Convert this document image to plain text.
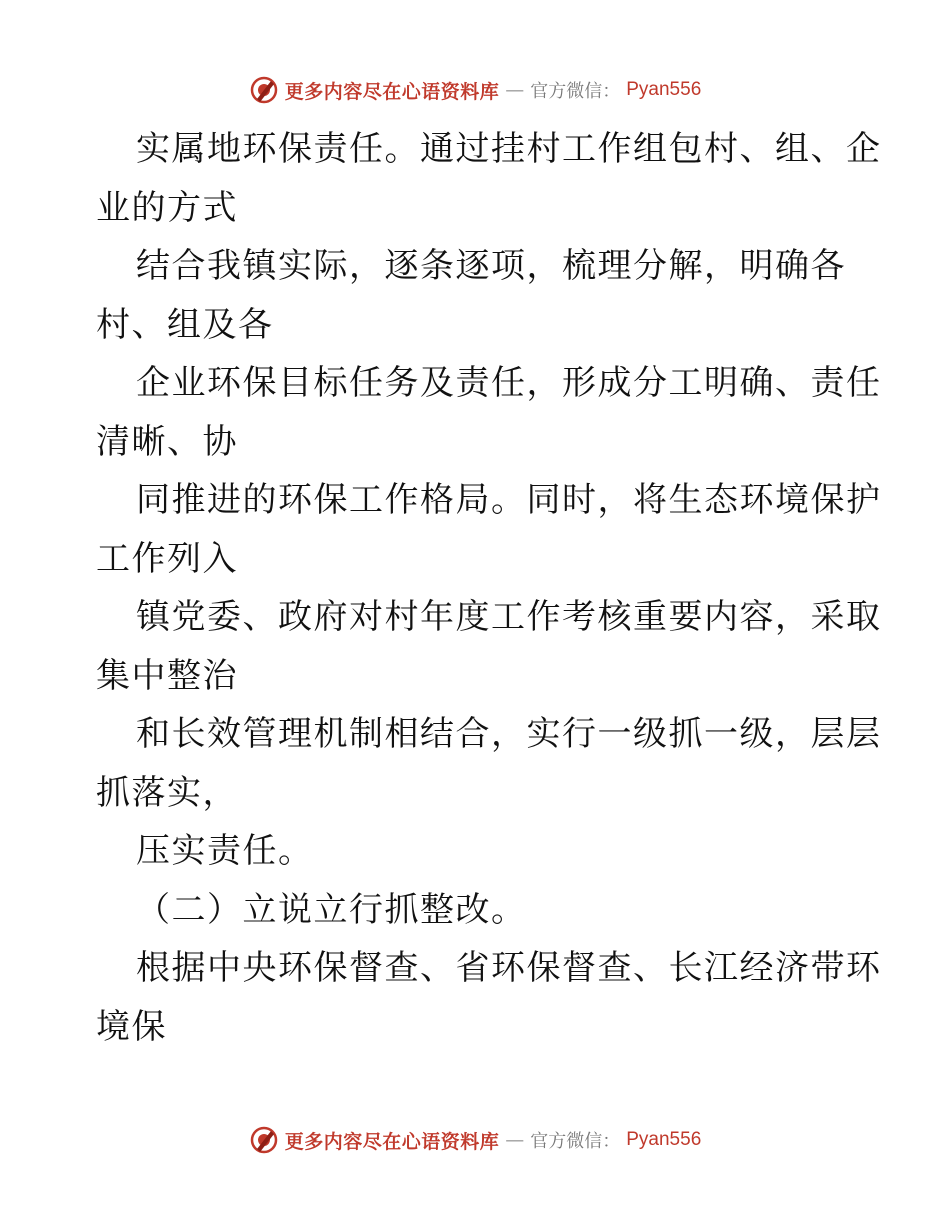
更多内容尽在心语资料库 — 官方微信： Pyan556
实属地环保责任。通过挂村工作组包村、组、企
业的方式
结合我镇实际，逐条逐项，梳理分解，明确各
村、组及各
企业环保目标任务及责任，形成分工明确、责任
清晰、协
同推进的环保工作格局。同时，将生态环境保护
工作列入
镇党委、政府对村年度工作考核重要内容，采取
集中整治
和长效管理机制相结合，实行一级抓一级，层层
抓落实，
压实责任。
（二）立说立行抓整改。
根据中央环保督查、省环保督查、长江经济带环
境保
更多内容尽在心语资料库 — 官方微信： Pyan556
